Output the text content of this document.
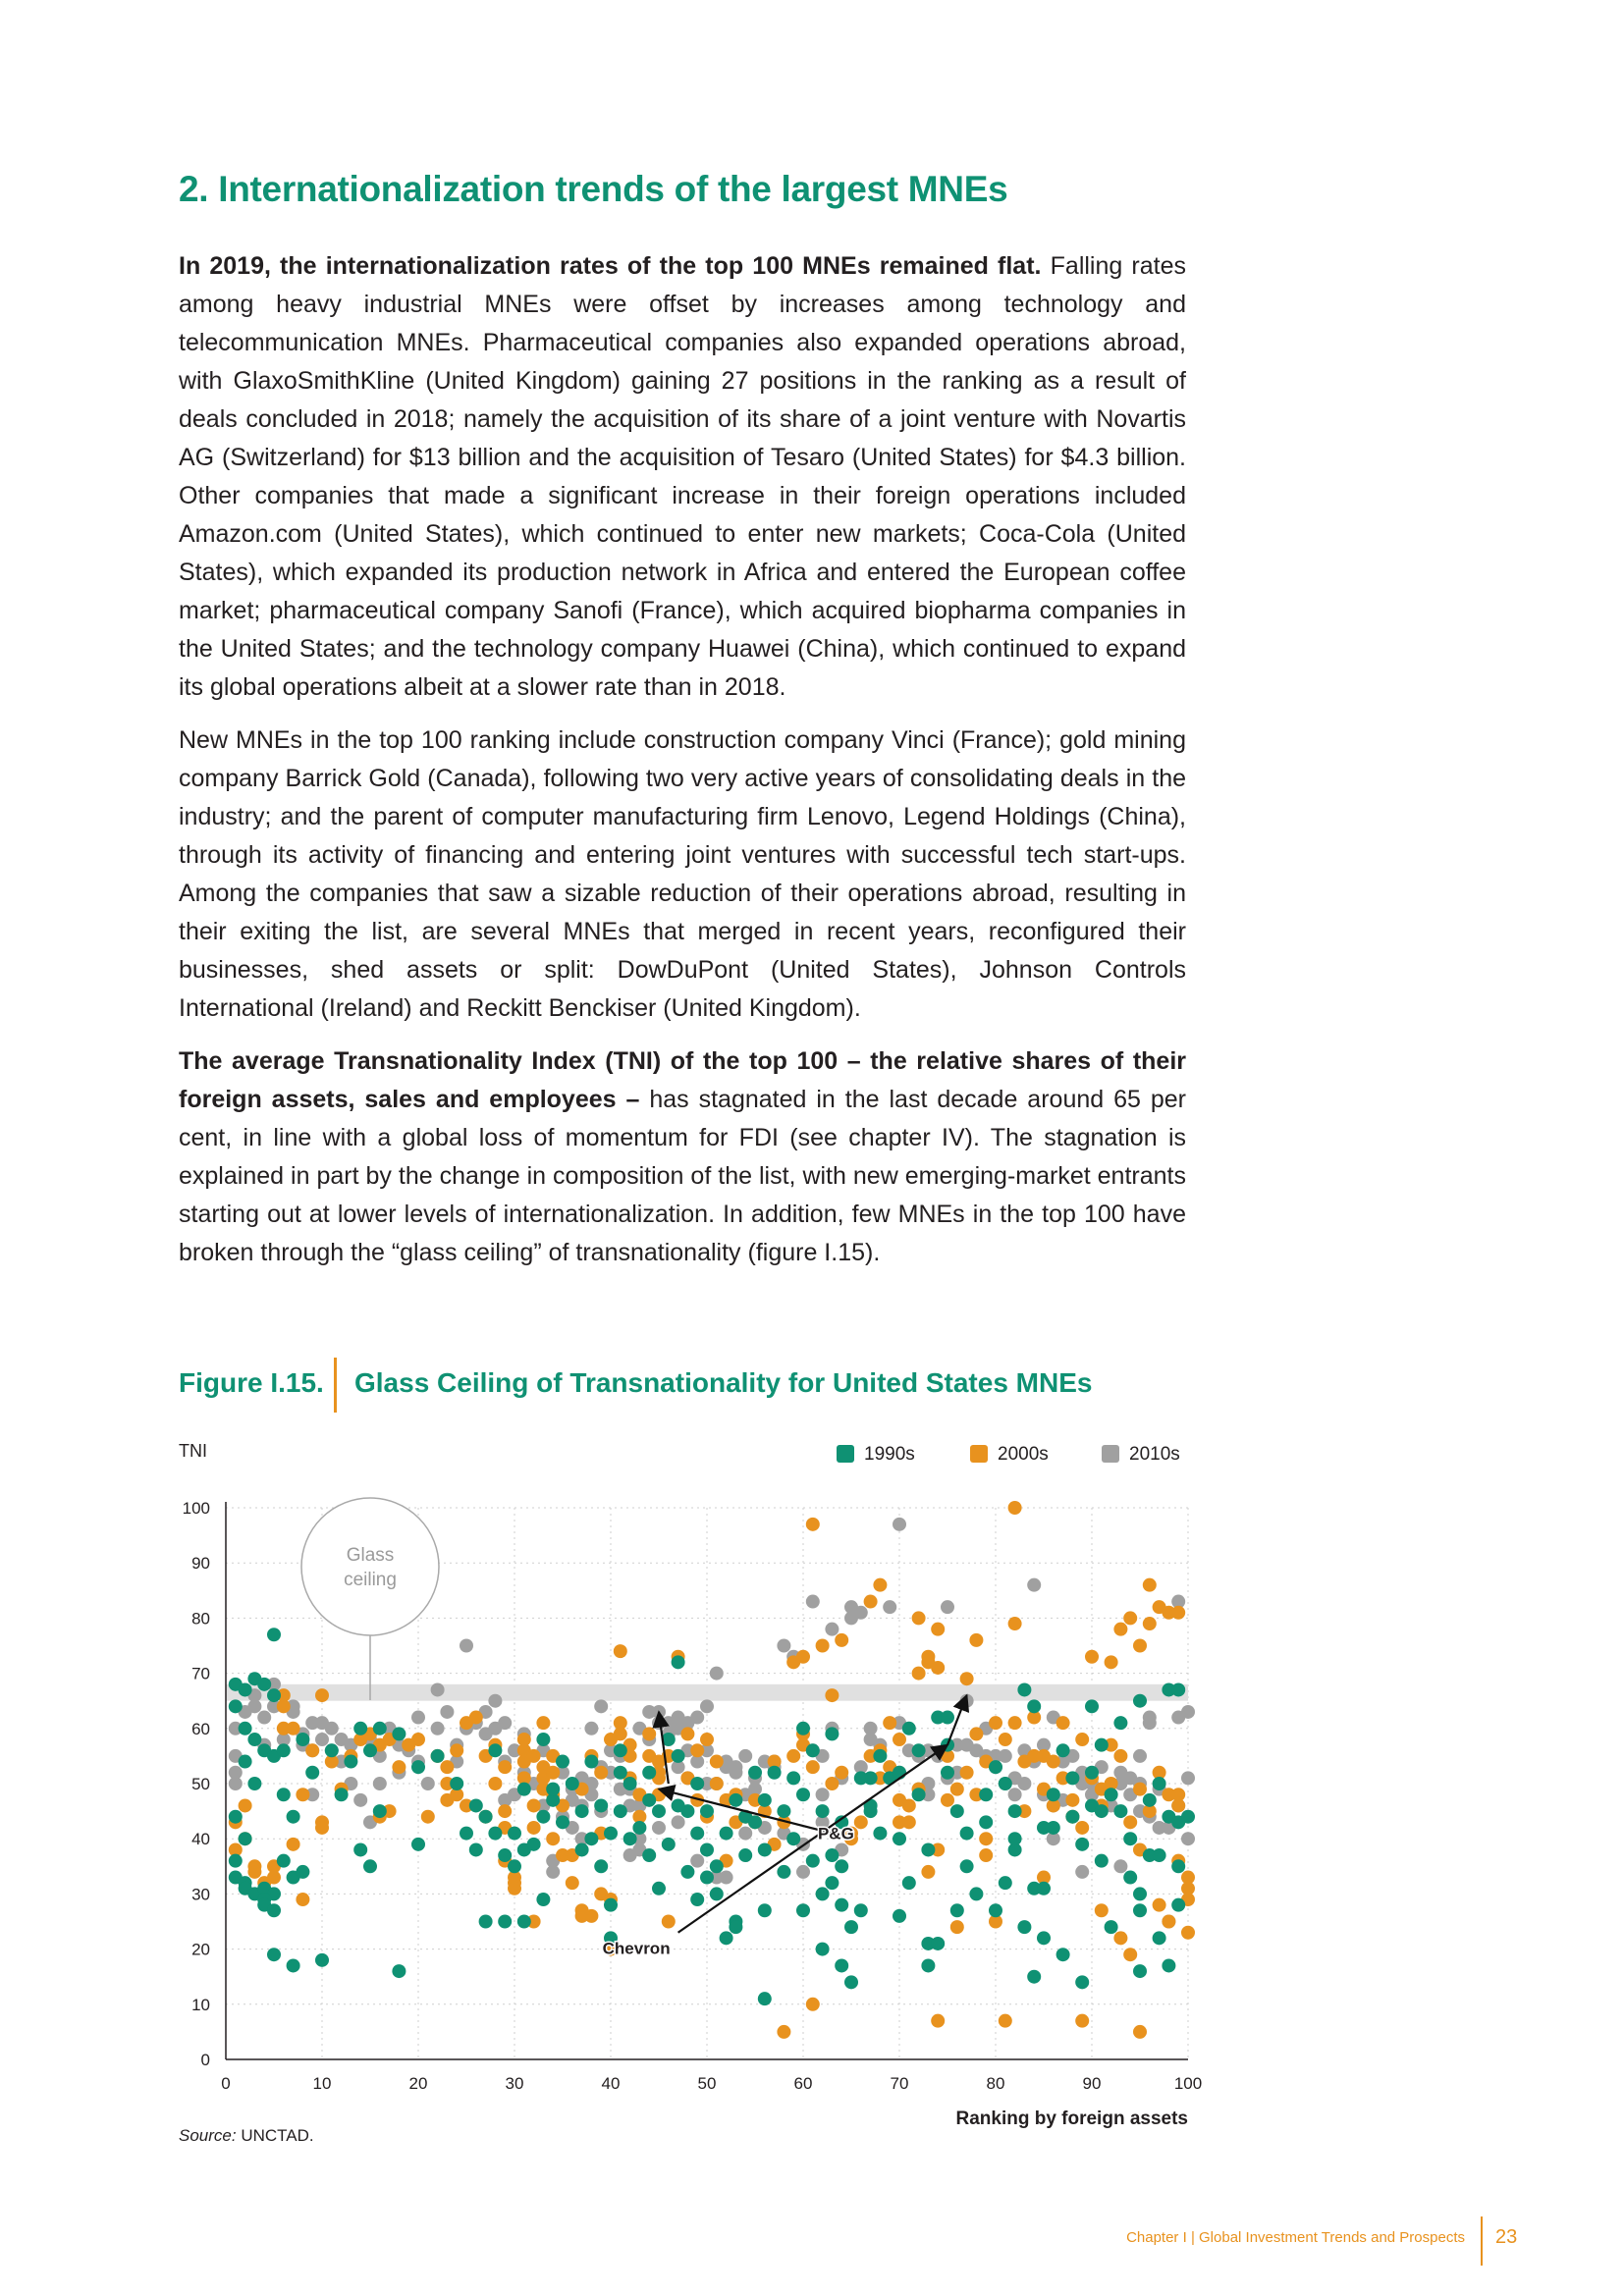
2. Internationalization trends of the largest MNEs

In 2019, the internationalization rates of the top 100 MNEs remained flat. Falling rates among heavy industrial MNEs were offset by increases among technology and telecommunication MNEs. Pharmaceutical companies also expanded operations abroad, with GlaxoSmithKline (United Kingdom) gaining 27 positions in the ranking as a result of deals concluded in 2018; namely the acquisition of its share of a joint venture with Novartis AG (Switzerland) for $13 billion and the acquisition of Tesaro (United States) for $4.3 billion. Other companies that made a significant increase in their foreign operations included Amazon.com (United States), which continued to enter new markets; Coca-Cola (United States), which expanded its production network in Africa and entered the European coffee market; pharmaceutical company Sanofi (France), which acquired biopharma companies in the United States; and the technology company Huawei (China), which continued to expand its global operations albeit at a slower rate than in 2018.

New MNEs in the top 100 ranking include construction company Vinci (France); gold mining company Barrick Gold (Canada), following two very active years of consolidating deals in the industry; and the parent of computer manufacturing firm Lenovo, Legend Holdings (China), through its activity of financing and entering joint ventures with successful tech start-ups. Among the companies that saw a sizable reduction of their operations abroad, resulting in their exiting the list, are several MNEs that merged in recent years, reconfigured their businesses, shed assets or split: DowDuPont (United States), Johnson Controls International (Ireland) and Reckitt Benckiser (United Kingdom).

The average Transnationality Index (TNI) of the top 100 – the relative shares of their foreign assets, sales and employees – has stagnated in the last decade around 65 per cent, in line with a global loss of momentum for FDI (see chapter IV). The stagnation is explained in part by the change in composition of the list, with new emerging-market entrants starting out at lower levels of internationalization. In addition, few MNEs in the top 100 have broken through the “glass ceiling” of transnationality (figure I.15).

Figure I.15. Glass Ceiling of Transnationality for United States MNEs
Chevron
P&G
0	10	20	30	40	50	60	70	80	90	100
0
10
20
30
40
50
60
70
80
90
100
Glass
ceiling
1990s	2000s	2010s
TNI
Ranking by foreign assets
Source: UNCTAD.
Chapter I | Global Investment Trends and Prospects 23
